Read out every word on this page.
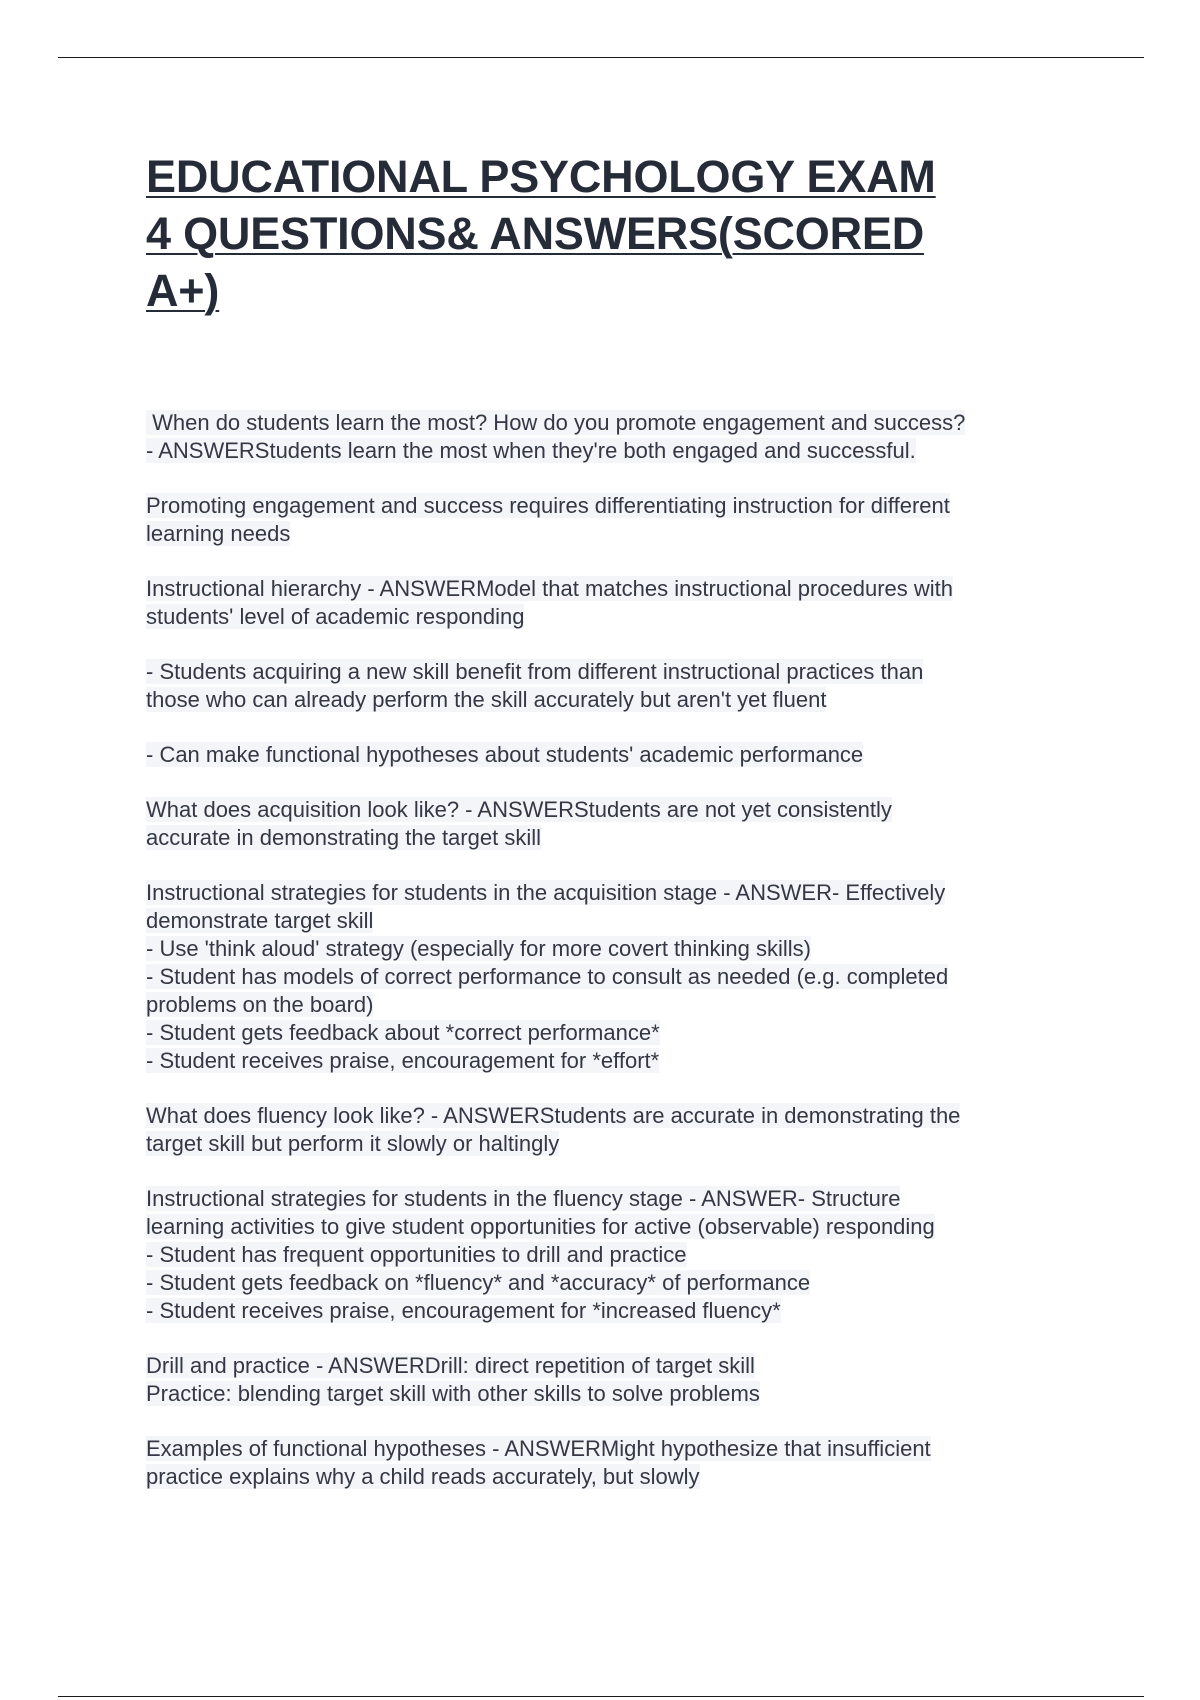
EDUCATIONAL PSYCHOLOGY EXAM
4 QUESTIONS& ANSWERS(SCORED
A+)
When do students learn the most? How do you promote engagement and success?
- ANSWERStudents learn the most when they're both engaged and successful.
Promoting engagement and success requires differentiating instruction for different
learning needs
Instructional hierarchy - ANSWERModel that matches instructional procedures with
students' level of academic responding
- Students acquiring a new skill benefit from different instructional practices than
those who can already perform the skill accurately but aren't yet fluent
- Can make functional hypotheses about students' academic performance
What does acquisition look like? - ANSWERStudents are not yet consistently
accurate in demonstrating the target skill
Instructional strategies for students in the acquisition stage - ANSWER- Effectively
demonstrate target skill
- Use 'think aloud' strategy (especially for more covert thinking skills)
- Student has models of correct performance to consult as needed (e.g. completed
problems on the board)
- Student gets feedback about *correct performance*
- Student receives praise, encouragement for *effort*
What does fluency look like? - ANSWERStudents are accurate in demonstrating the
target skill but perform it slowly or haltingly
Instructional strategies for students in the fluency stage - ANSWER- Structure
learning activities to give student opportunities for active (observable) responding
- Student has frequent opportunities to drill and practice
- Student gets feedback on *fluency* and *accuracy* of performance
- Student receives praise, encouragement for *increased fluency*
Drill and practice - ANSWERDrill: direct repetition of target skill
Practice: blending target skill with other skills to solve problems
Examples of functional hypotheses - ANSWERMight hypothesize that insufficient
practice explains why a child reads accurately, but slowly
